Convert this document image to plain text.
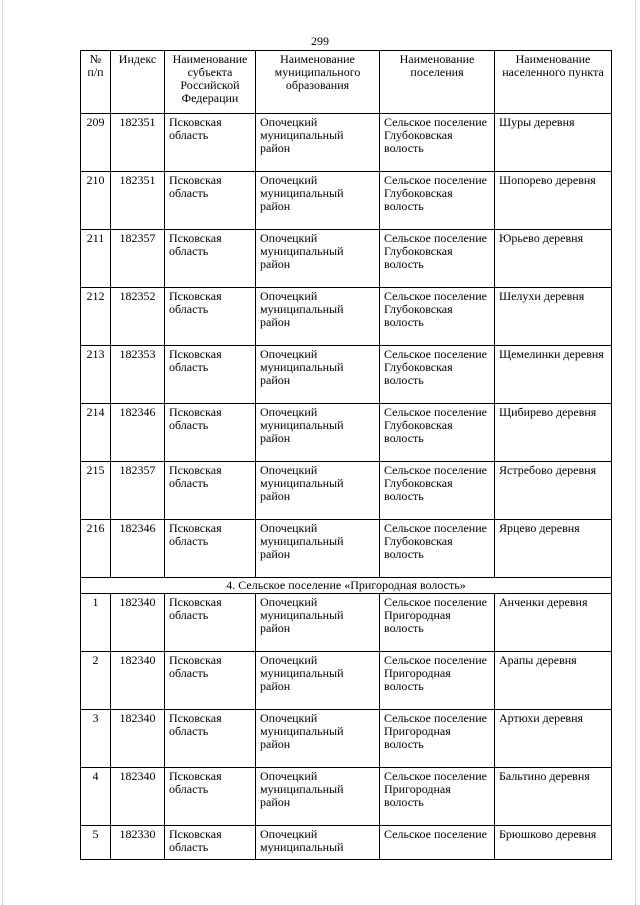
299
№ п/п	Индекс	Наименование субъекта Российской Федерации	Наименование муниципального образования	Наименование поселения	Наименование населенного пункта
209	182351	Псковская область	Опочецкий муниципальный район	Сельское поселение Глубоковская волость	Шуры деревня
210	182351	Псковская область	Опочецкий муниципальный район	Сельское поселение Глубоковская волость	Шопорево деревня
211	182357	Псковская область	Опочецкий муниципальный район	Сельское поселение Глубоковская волость	Юрьево деревня
212	182352	Псковская область	Опочецкий муниципальный район	Сельское поселение Глубоковская волость	Шелухи деревня
213	182353	Псковская область	Опочецкий муниципальный район	Сельское поселение Глубоковская волость	Щемелинки деревня
214	182346	Псковская область	Опочецкий муниципальный район	Сельское поселение Глубоковская волость	Щибирево деревня
215	182357	Псковская область	Опочецкий муниципальный район	Сельское поселение Глубоковская волость	Ястребово деревня
216	182346	Псковская область	Опочецкий муниципальный район	Сельское поселение Глубоковская волость	Ярцево деревня
4. Сельское поселение «Пригородная волость»					
1	182340	Псковская область	Опочецкий муниципальный район	Сельское поселение Пригородная волость	Анченки деревня
2	182340	Псковская область	Опочецкий муниципальный район	Сельское поселение Пригородная волость	Арапы деревня
3	182340	Псковская область	Опочецкий муниципальный район	Сельское поселение Пригородная волость	Артюхи деревня
4	182340	Псковская область	Опочецкий муниципальный район	Сельское поселение Пригородная волость	Бальтино деревня

5	182330	Псковская область	Опочецкий муниципальный	Сельское поселение	Брюшково деревня
